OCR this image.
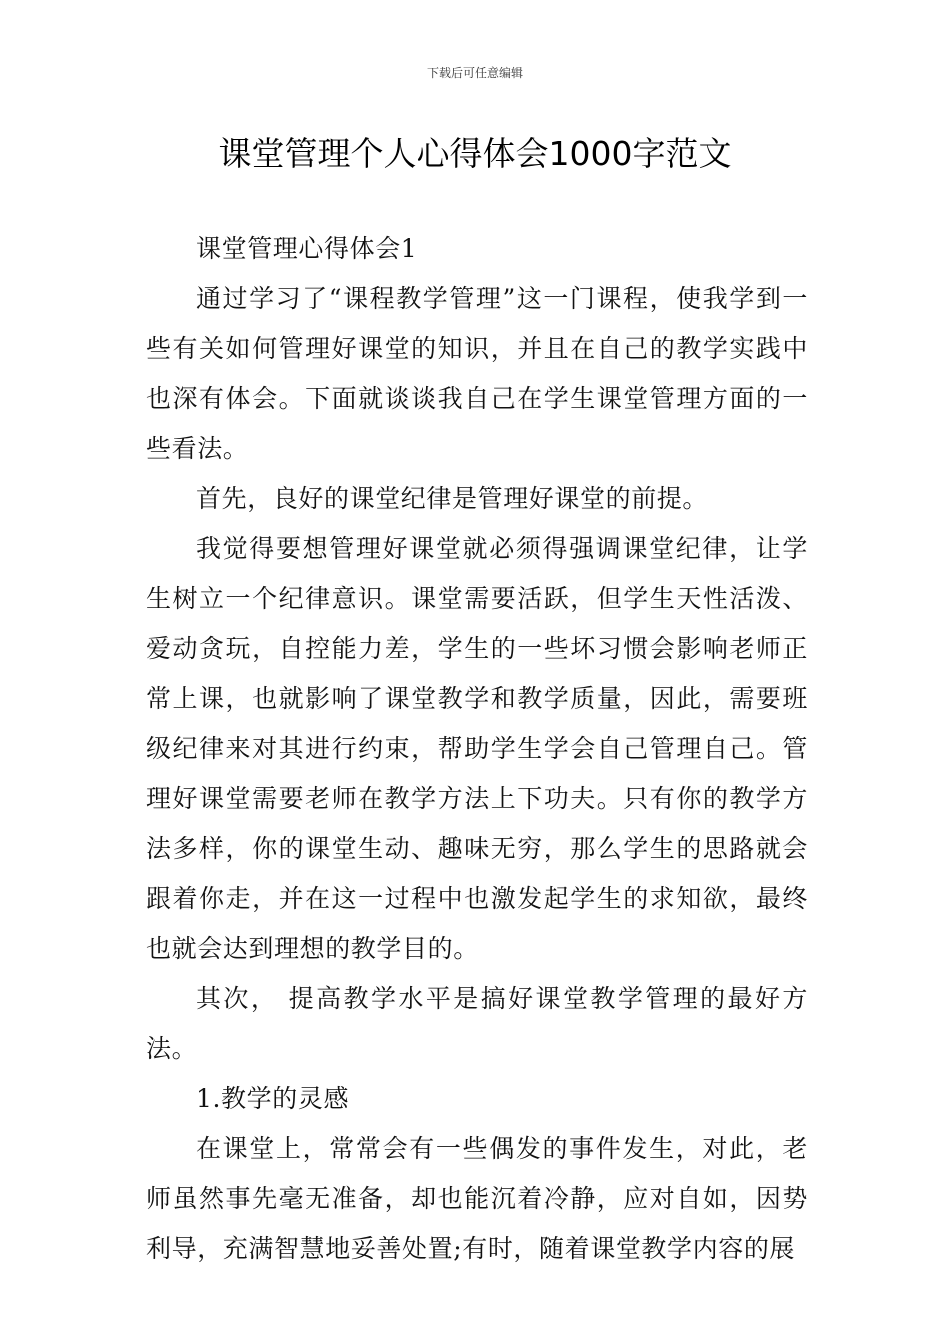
下载后可任意编辑
课堂管理个人心得体会1000字范文

课堂管理心得体会1

通过学习了“课程教学管理”这一门课程，使我学到一些有关如何管理好课堂的知识，并且在自己的教学实践中也深有体会。下面就谈谈我自己在学生课堂管理方面的一些看法。

首先，良好的课堂纪律是管理好课堂的前提。

我觉得要想管理好课堂就必须得强调课堂纪律，让学生树立一个纪律意识。课堂需要活跃，但学生天性活泼、爱动贪玩，自控能力差，学生的一些坏习惯会影响老师正常上课，也就影响了课堂教学和教学质量，因此，需要班级纪律来对其进行约束，帮助学生学会自己管理自己。管理好课堂需要老师在教学方法上下功夫。只有你的教学方法多样，你的课堂生动、趣味无穷，那么学生的思路就会跟着你走，并在这一过程中也激发起学生的求知欲，最终也就会达到理想的教学目的。

其次， 提高教学水平是搞好课堂教学管理的最好方法。

1.教学的灵感

在课堂上，常常会有一些偶发的事件发生，对此，老师虽然事先毫无准备，却也能沉着冷静，应对自如，因势利导，充满智慧地妥善处置;有时，随着课堂教学内容的展
